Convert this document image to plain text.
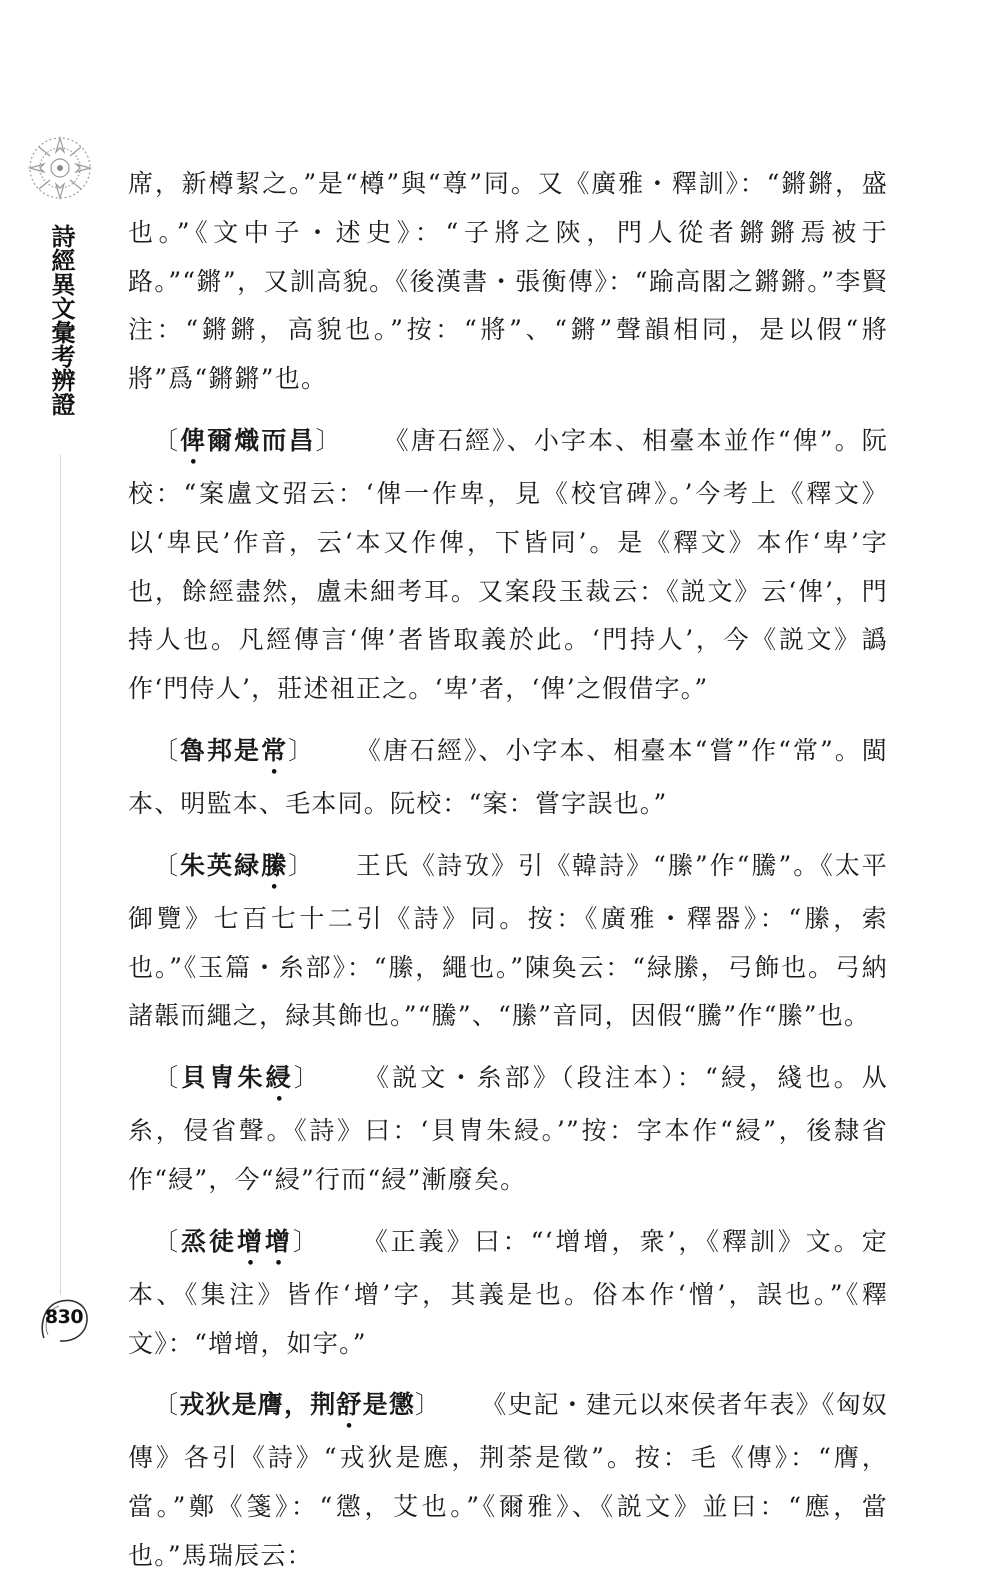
詩經異文彙考辨證
830

席，新樽絜之。”是“樽”與“尊”同。又《廣雅・釋訓》：“鏘鏘，盛也。”《文中子・述史》：“子將之陝，門人從者鏘鏘焉被于路。”“鏘”，又訓高貌。《後漢書・張衡傳》：“踰高閣之鏘鏘。”李賢注：“鏘鏘，高貌也。”按：“將”、“鏘”聲韻相同，是以假“將將”爲“鏘鏘”也。

〔俾爾熾而昌〕 《唐石經》、小字本、相臺本並作“俾”。阮校：“案盧文弨云：‘俾一作卑，見《校官碑》。’今考上《釋文》以‘卑民’作音，云‘本又作俾，下皆同’。是《釋文》本作‘卑’字也，餘經盡然，盧未細考耳。又案段玉裁云：《説文》云‘俾’，門持人也。凡經傳言‘俾’者皆取義於此。‘門持人’，今《説文》譌作‘門侍人’，莊述祖正之。‘卑’者，‘俾’之假借字。”

〔魯邦是常〕 《唐石經》、小字本、相臺本“嘗”作“常”。閩本、明監本、毛本同。阮校：“案：嘗字誤也。”

〔朱英緑縢〕 王氏《詩攷》引《韓詩》“縢”作“騰”。《太平御覽》七百七十二引《詩》同。按：《廣雅・釋器》：“縢，索也。”《玉篇・糸部》：“縢，繩也。”陳奐云：“緑縢，弓飾也。弓納諸韔而繩之，緑其飾也。”“騰”、“縢”音同，因假“騰”作“縢”也。

〔貝冑朱綅〕 《説文・糸部》（段注本）：“綅，綫也。从糸，侵省聲。《詩》曰：‘貝冑朱綅。’”按：字本作“綅”，後隸省作“綅”，今“綅”行而“綅”漸廢矣。

〔烝徒增增〕 《正義》曰：“‘增增，衆’，《釋訓》文。定本、《集注》皆作‘增’字，其義是也。俗本作‘憎’，誤也。”《釋文》：“增增，如字。”

〔戎狄是膺，荆舒是懲〕 《史記・建元以來侯者年表》《匈奴傳》各引《詩》“戎狄是應，荆荼是徵”。按：毛《傳》：“膺，當。”鄭《箋》：“懲，艾也。”《爾雅》、《説文》並曰：“應，當也。”馬瑞辰云：
